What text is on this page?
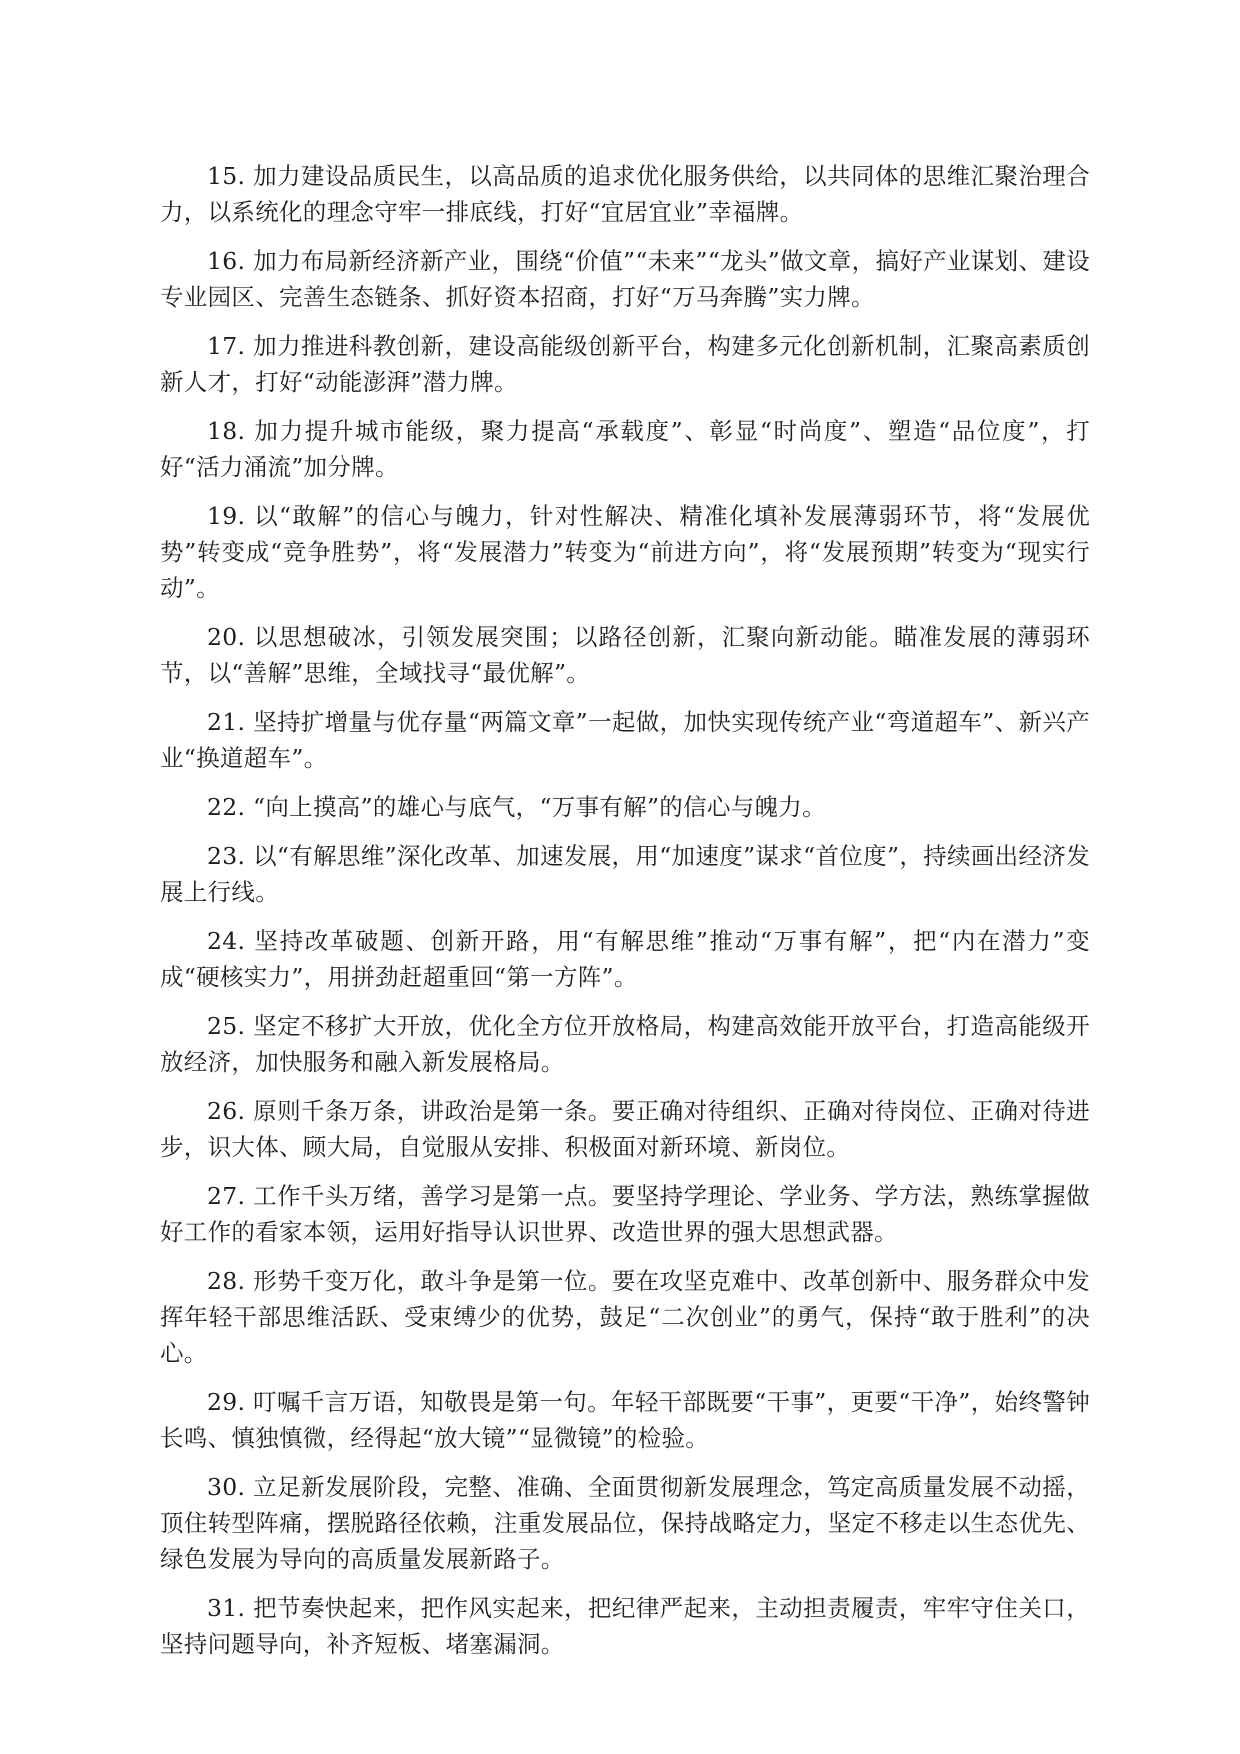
15. 加力建设品质民生，以高品质的追求优化服务供给，以共同体的思维汇聚治理合力，以系统化的理念守牢一排底线，打好“宜居宜业”幸福牌。

16. 加力布局新经济新产业，围绕“价值”“未来”“龙头”做文章，搞好产业谋划、建设专业园区、完善生态链条、抓好资本招商，打好“万马奔腾”实力牌。

17. 加力推进科教创新，建设高能级创新平台，构建多元化创新机制，汇聚高素质创新人才，打好“动能澎湃”潜力牌。

18. 加力提升城市能级，聚力提高“承载度”、彰显“时尚度”、塑造“品位度”，打好“活力涌流”加分牌。

19. 以“敢解”的信心与魄力，针对性解决、精准化填补发展薄弱环节，将“发展优势”转变成“竞争胜势”，将“发展潜力”转变为“前进方向”，将“发展预期”转变为“现实行动”。

20. 以思想破冰，引领发展突围；以路径创新，汇聚向新动能。瞄准发展的薄弱环节，以“善解”思维，全域找寻“最优解”。

21. 坚持扩增量与优存量“两篇文章”一起做，加快实现传统产业“弯道超车”、新兴产业“换道超车”。

22. “向上摸高”的雄心与底气，“万事有解”的信心与魄力。

23. 以“有解思维”深化改革、加速发展，用“加速度”谋求“首位度”，持续画出经济发展上行线。

24. 坚持改革破题、创新开路，用“有解思维”推动“万事有解”，把“内在潜力”变成“硬核实力”，用拼劲赶超重回“第一方阵”。

25. 坚定不移扩大开放，优化全方位开放格局，构建高效能开放平台，打造高能级开放经济，加快服务和融入新发展格局。

26. 原则千条万条，讲政治是第一条。要正确对待组织、正确对待岗位、正确对待进步，识大体、顾大局，自觉服从安排、积极面对新环境、新岗位。

27. 工作千头万绪，善学习是第一点。要坚持学理论、学业务、学方法，熟练掌握做好工作的看家本领，运用好指导认识世界、改造世界的强大思想武器。

28. 形势千变万化，敢斗争是第一位。要在攻坚克难中、改革创新中、服务群众中发挥年轻干部思维活跃、受束缚少的优势，鼓足“二次创业”的勇气，保持“敢于胜利”的决心。

29. 叮嘱千言万语，知敬畏是第一句。年轻干部既要“干事”，更要“干净”，始终警钟长鸣、慎独慎微，经得起“放大镜”“显微镜”的检验。

30. 立足新发展阶段，完整、准确、全面贯彻新发展理念，笃定高质量发展不动摇，顶住转型阵痛，摆脱路径依赖，注重发展品位，保持战略定力，坚定不移走以生态优先、绿色发展为导向的高质量发展新路子。

31. 把节奏快起来，把作风实起来，把纪律严起来，主动担责履责，牢牢守住关口，坚持问题导向，补齐短板、堵塞漏洞。
